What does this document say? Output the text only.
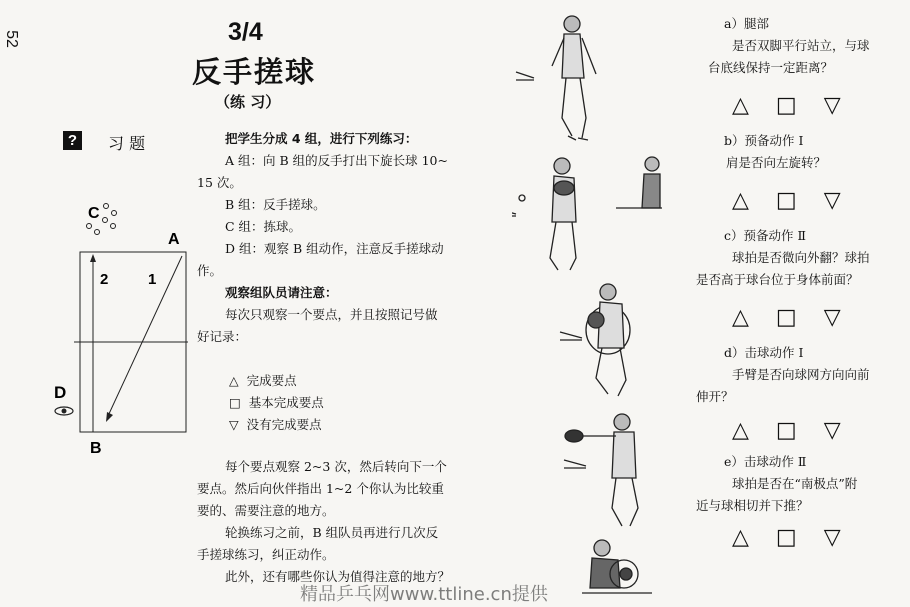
52	3/4
反手搓球
（练 习）
?	习 题
C
A
2	1
D
B
把学生分成 4 组，进行下列练习：
A 组：向 B 组的反手打出下旋长球 10~
15 次。
B 组：反手搓球。
C 组：拣球。
D 组：观察 B 组动作，注意反手搓球动
作。
观察组队员请注意：
每次只观察一个要点，并且按照记号做
好记录：
△ 完成要点
□ 基本完成要点
▽ 没有完成要点
每个要点观察 2~3 次，然后转向下一个
要点。然后向伙伴指出 1~2 个你认为比较重
要的、需要注意的地方。
轮换练习之前，B 组队员再进行几次反
手搓球练习，纠正动作。
此外，还有哪些你认为值得注意的地方？
a）腿部
是否双脚平行站立，与球
台底线保持一定距离？
△ □ ▽
b）预备动作 Ⅰ
肩是否向左旋转？
△ □ ▽
c）预备动作 Ⅱ
球拍是否微向外翻？球拍
是否高于球台位于身体前面？
△ □ ▽
d）击球动作 Ⅰ
手臂是否向球网方向向前
伸开？
△ □ ▽
e）击球动作 Ⅱ
球拍是否在“南极点”附
近与球相切并下推？
△ □ ▽
精品乒乓网www.ttline.cn提供
